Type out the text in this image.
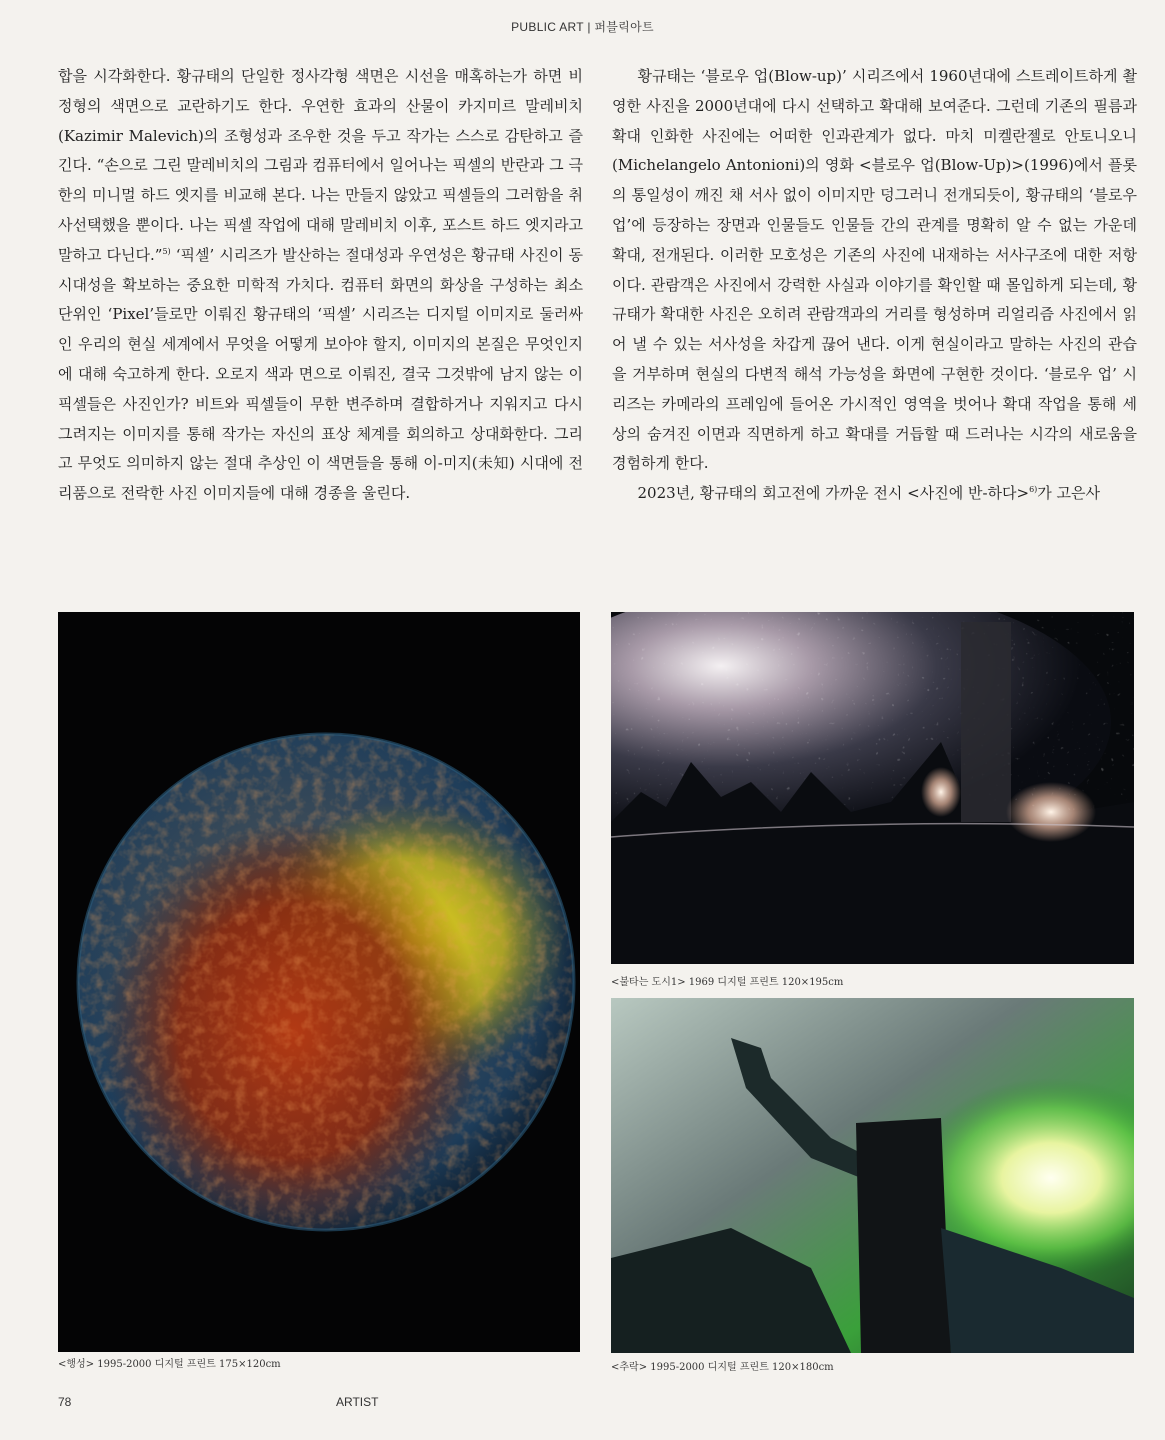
PUBLIC ART | 퍼블릭아트

합을 시각화한다. 황규태의 단일한 정사각형 색면은 시선을 매혹하는가 하면 비정형의 색면으로 교란하기도 한다. 우연한 효과의 산물이 카지미르 말레비치(Kazimir Malevich)의 조형성과 조우한 것을 두고 작가는 스스로 감탄하고 즐긴다. “손으로 그린 말레비치의 그림과 컴퓨터에서 일어나는 픽셀의 반란과 그 극한의 미니멀 하드 엣지를 비교해 본다. 나는 만들지 않았고 픽셀들의 그러함을 취사선택했을 뿐이다. 나는 픽셀 작업에 대해 말레비치 이후, 포스트 하드 엣지라고 말하고 다닌다.”$^{5)}$ ‘픽셀’ 시리즈가 발산하는 절대성과 우연성은 황규태 사진이 동시대성을 확보하는 중요한 미학적 가치다. 컴퓨터 화면의 화상을 구성하는 최소 단위인 ‘Pixel’들로만 이뤄진 황규태의 ‘픽셀’ 시리즈는 디지털 이미지로 둘러싸인 우리의 현실 세계에서 무엇을 어떻게 보아야 할지, 이미지의 본질은 무엇인지에 대해 숙고하게 한다. 오로지 색과 면으로 이뤄진, 결국 그것밖에 남지 않는 이 픽셀들은 사진인가? 비트와 픽셀들이 무한 변주하며 결합하거나 지워지고 다시 그려지는 이미지를 통해 작가는 자신의 표상 체계를 회의하고 상대화한다. 그리고 무엇도 의미하지 않는 절대 추상인 이 색면들을 통해 이-미지(未知) 시대에 전리품으로 전락한 사진 이미지들에 대해 경종을 울린다.

황규태는 ‘블로우 업(Blow-up)’ 시리즈에서 1960년대에 스트레이트하게 촬영한 사진을 2000년대에 다시 선택하고 확대해 보여준다. 그런데 기존의 필름과 확대 인화한 사진에는 어떠한 인과관계가 없다. 마치 미켈란젤로 안토니오니(Michelangelo Antonioni)의 영화 <블로우 업(Blow-Up)>(1996)에서 플롯의 통일성이 깨진 채 서사 없이 이미지만 덩그러니 전개되듯이, 황규태의 ‘블로우 업’에 등장하는 장면과 인물들도 인물들 간의 관계를 명확히 알 수 없는 가운데 확대, 전개된다. 이러한 모호성은 기존의 사진에 내재하는 서사구조에 대한 저항이다. 관람객은 사진에서 강력한 사실과 이야기를 확인할 때 몰입하게 되는데, 황규태가 확대한 사진은 오히려 관람객과의 거리를 형성하며 리얼리즘 사진에서 읽어 낼 수 있는 서사성을 차갑게 끊어 낸다. 이게 현실이라고 말하는 사진의 관습을 거부하며 현실의 다변적 해석 가능성을 화면에 구현한 것이다. ‘블로우 업’ 시리즈는 카메라의 프레임에 들어온 가시적인 영역을 벗어나 확대 작업을 통해 세상의 숨겨진 이면과 직면하게 하고 확대를 거듭할 때 드러나는 시각의 새로움을 경험하게 한다.

2023년, 황규태의 회고전에 가까운 전시 <사진에 반-하다>$^{6)}$가 고은사

<행성> 1995-2000 디지털 프린트 175×120cm
<불타는 도시1> 1969 디지털 프린트 120×195cm
<추락> 1995-2000 디지털 프린트 120×180cm
78	ARTIST
